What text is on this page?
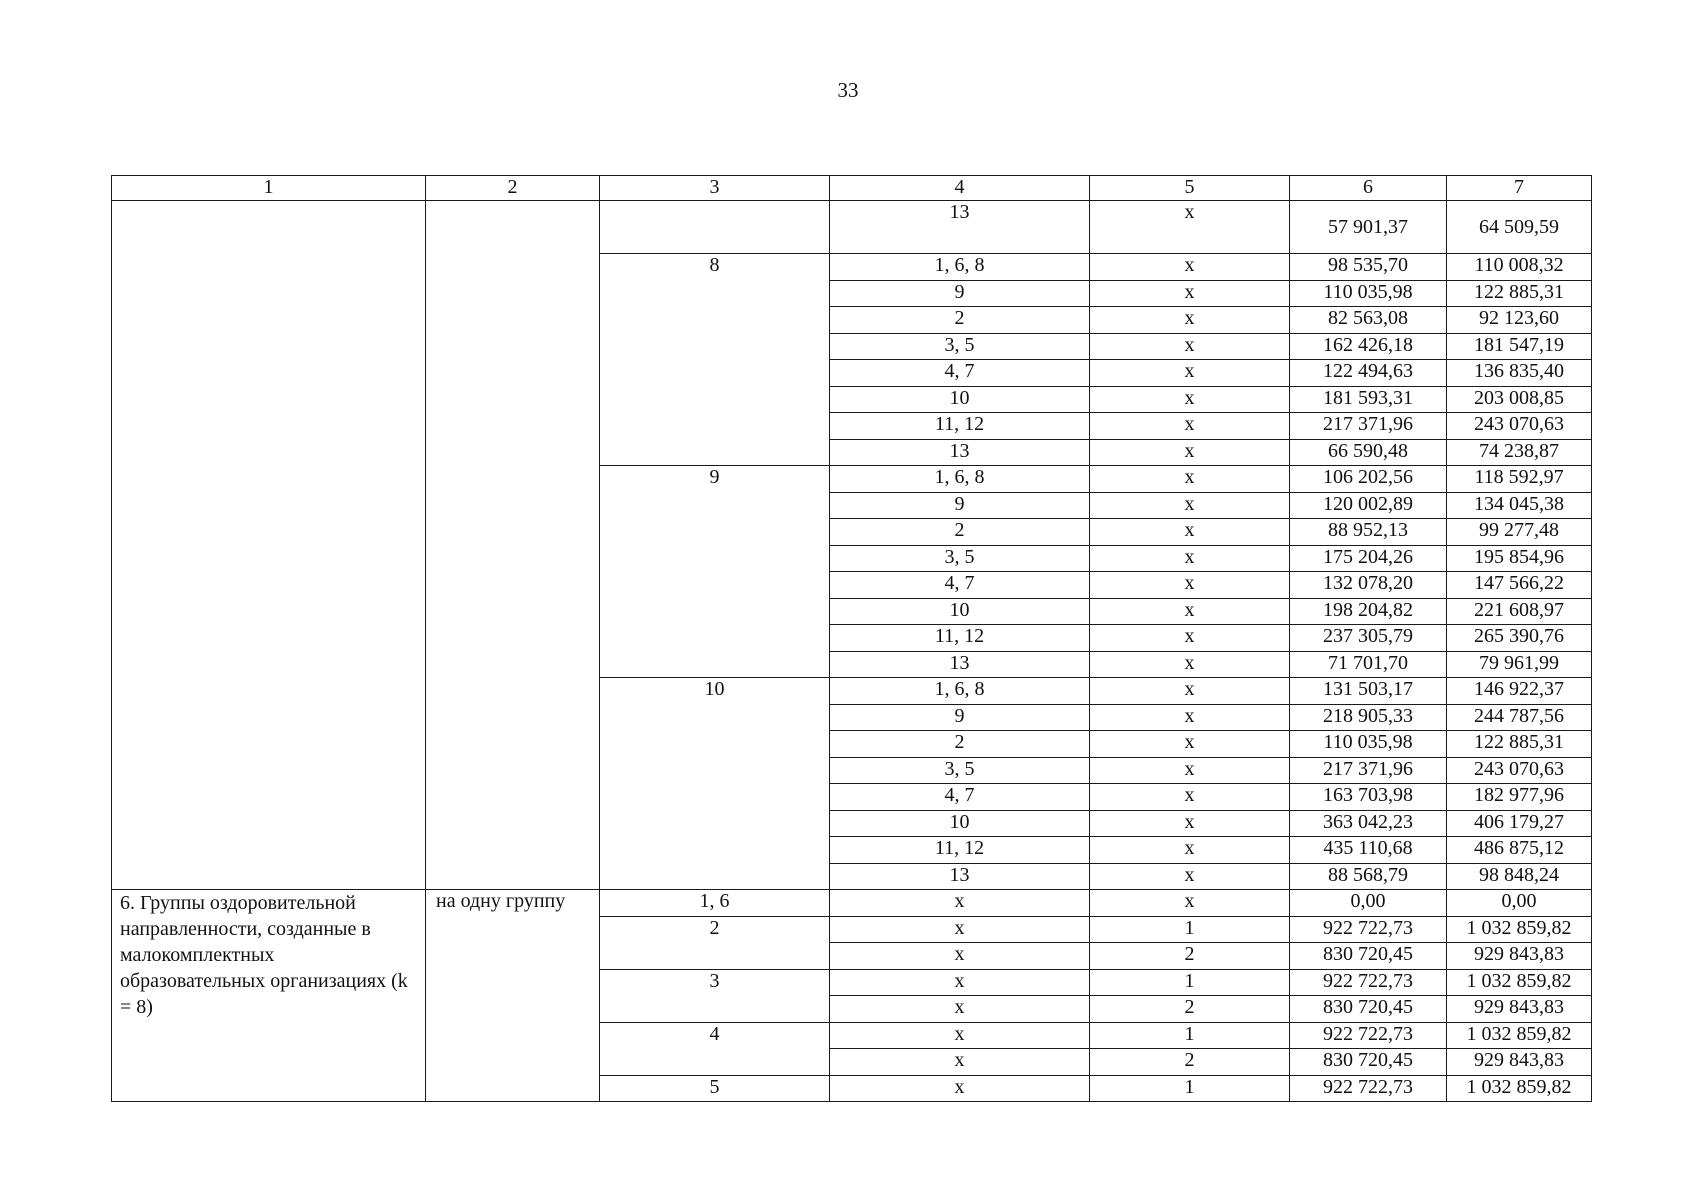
33
1	2	3	4	5	6	7
			13	х	57 901,37	64 509,59
		8	1, 6, 8	х	98 535,70	110 008,32
			9	х	110 035,98	122 885,31
			2	х	82 563,08	92 123,60
			3, 5	х	162 426,18	181 547,19
			4, 7	х	122 494,63	136 835,40
			10	х	181 593,31	203 008,85
			11, 12	х	217 371,96	243 070,63
			13	х	66 590,48	74 238,87
		9	1, 6, 8	х	106 202,56	118 592,97
			9	х	120 002,89	134 045,38
			2	х	88 952,13	99 277,48
			3, 5	х	175 204,26	195 854,96
			4, 7	х	132 078,20	147 566,22
			10	х	198 204,82	221 608,97
			11, 12	х	237 305,79	265 390,76
			13	х	71 701,70	79 961,99
		10	1, 6, 8	х	131 503,17	146 922,37
			9	х	218 905,33	244 787,56
			2	х	110 035,98	122 885,31
			3, 5	х	217 371,96	243 070,63
			4, 7	х	163 703,98	182 977,96
			10	х	363 042,23	406 179,27
			11, 12	х	435 110,68	486 875,12
			13	х	88 568,79	98 848,24
6. Группы оздоровительной направленности, созданные в малокомплектных образовательных организациях (k = 8)	на одну группу	1, 6	х	х	0,00	0,00
		2	х	1	922 722,73	1 032 859,82
			х	2	830 720,45	929 843,83
		3	х	1	922 722,73	1 032 859,82
			х	2	830 720,45	929 843,83
		4	х	1	922 722,73	1 032 859,82
			х	2	830 720,45	929 843,83
		5	х	1	922 722,73	1 032 859,82
